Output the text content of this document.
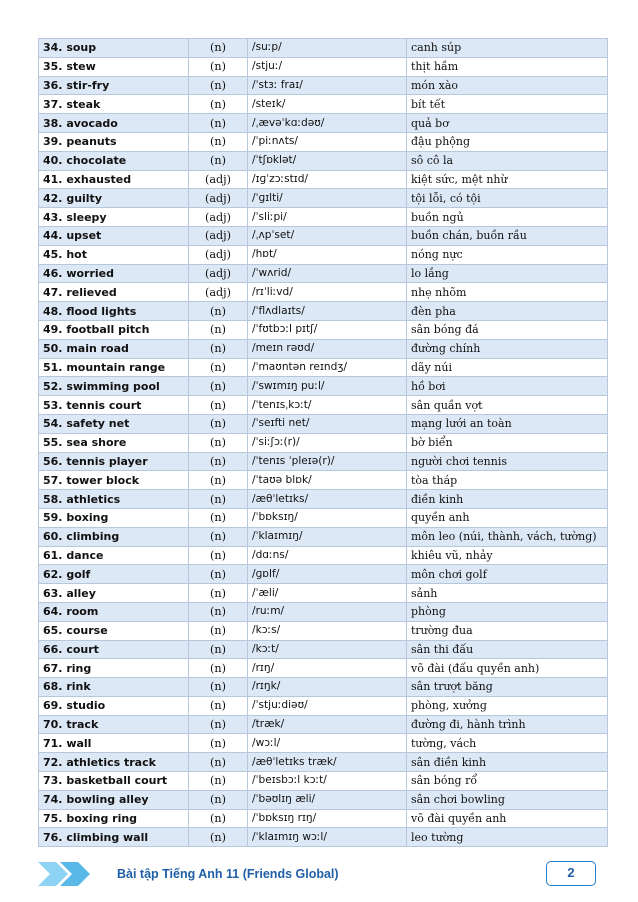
34. soup	(n)	/suːp/	canh súp
35. stew	(n)	/stjuː/	thịt hầm
36. stir-fry	(n)	/ˈstɜː fraɪ/	món xào
37. steak	(n)	/steɪk/	bít tết
38. avocado	(n)	/ˌævəˈkɑːdəʊ/	quả bơ
39. peanuts	(n)	/ˈpiːnʌts/	đậu phộng
40. chocolate	(n)	/ˈtʃɒklət/	sô cô la
41. exhausted	(adj)	/ɪɡˈzɔːstɪd/	kiệt sức, mệt nhừ
42. guilty	(adj)	/ˈɡɪlti/	tội lỗi, có tội
43. sleepy	(adj)	/ˈsliːpi/	buồn ngủ
44. upset	(adj)	/ˌʌpˈset/	buồn chán, buồn rầu
45. hot	(adj)	/hɒt/	nóng nực
46. worried	(adj)	/ˈwʌrid/	lo lắng
47. relieved	(adj)	/rɪˈliːvd/	nhẹ nhõm
48. flood lights	(n)	/ˈflʌdlaɪts/	đèn pha
49. football pitch	(n)	/ˈfʊtbɔːl pɪtʃ/	sân bóng đá
50. main road	(n)	/meɪn rəʊd/	đường chính
51. mountain range	(n)	/ˈmaʊntən reɪndʒ/	dãy núi
52. swimming pool	(n)	/ˈswɪmɪŋ puːl/	hồ bơi
53. tennis court	(n)	/ˈtenɪsˌkɔːt/	sân quần vợt
54. safety net	(n)	/ˈseɪfti net/	mạng lưới an toàn
55. sea shore	(n)	/ˈsiːʃɔː(r)/	bờ biển
56. tennis player	(n)	/ˈtenɪs ˈpleɪə(r)/	người chơi tennis
57. tower block	(n)	/ˈtaʊə blɒk/	tòa tháp
58. athletics	(n)	/æθˈletɪks/	điền kinh
59. boxing	(n)	/ˈbɒksɪŋ/	quyền anh
60. climbing	(n)	/ˈklaɪmɪŋ/	môn leo (núi, thành, vách, tường)
61. dance	(n)	/dɑːns/	khiêu vũ, nhảy
62. golf	(n)	/ɡɒlf/	môn chơi golf
63. alley	(n)	/ˈæli/	sảnh
64. room	(n)	/ruːm/	phòng
65. course	(n)	/kɔːs/	trường đua
66. court	(n)	/kɔːt/	sân thi đấu
67. ring	(n)	/rɪŋ/	võ đài (đấu quyền anh)
68. rink	(n)	/rɪŋk/	sân trượt băng
69. studio	(n)	/ˈstjuːdiəʊ/	phòng, xưởng
70. track	(n)	/træk/	đường đi, hành trình
71. wall	(n)	/wɔːl/	tường, vách
72. athletics track	(n)	/æθˈletɪks træk/	sân điền kinh
73. basketball court	(n)	/ˈbeɪsbɔːl kɔːt/	sân bóng rổ
74. bowling alley	(n)	/ˈbəʊlɪŋ æli/	sân chơi bowling
75. boxing ring	(n)	/ˈbɒksɪŋ rɪŋ/	võ đài quyền anh
76. climbing wall	(n)	/ˈklaɪmɪŋ wɔːl/	leo tường
Bài tập Tiếng Anh 11 (Friends Global)	2
